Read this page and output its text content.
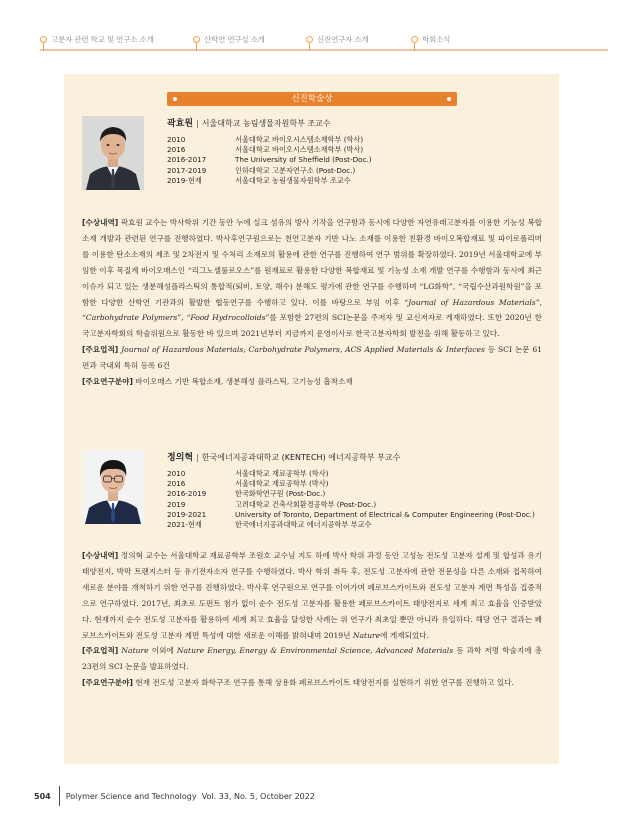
고분자 관련 학교 및 연구소 소개	산학연 연구실 소개	신진연구자 소개	학회소식
신진학술상
곽효원 | 서울대학교 농림생물자원학부 조교수
2010	서울대학교 바이오시스템소재학부 (학사)
2016	서울대학교 바이오시스템소재학부 (박사)
2016-2017	The University of Sheffield (Post-Doc.)
2017-2019	인하대학교 고분자연구소 (Post-Doc.)
2019-현재	서울대학교 농림생물자원학부 조교수

[수상내역] 곽효원 교수는 박사학위 기간 동안 누에 실크 섬유의 방사 기작을 연구함과 동시에 다양한 자연유래고분자를 이용한 기능성 복합소재 개발과 관련된 연구를 진행하였다. 박사후연구원으로는 천연고분자 기반 나노 소재를 이용한 친환경 바이오복합재료 및 파이로폴리머를 이용한 탄소소재의 제조 및 2차전지 및 수처리 소재로의 활용에 관한 연구를 진행하여 연구 범위를 확장하였다. 2019년 서울대학교에 부임한 이후 목질계 바이오매스인 “리그노셀룰로오스”를 원재료로 활용한 다양한 복합재료 및 기능성 소재 개발 연구를 수행함과 동시에 최근 이슈가 되고 있는 생분해성플라스틱의 통합적(퇴비, 토양, 해수) 분해도 평가에 관한 연구를 수행하며 “LG화학”, “국립수산과원학원”을 포함한 다양한 산학연 기관과의 활발한 협동연구를 수행하고 있다. 이를 바탕으로 부임 이후 “Journal of Hazardous Materials”, “Carbohydrate Polymers”, “Food Hydrocolloids”를 포함한 27편의 SCI논문을 주저자 및 교신저자로 게재하였다. 또한 2020년 한국고분자학회의 학술위원으로 활동한 바 있으며 2021년부터 지금까지 운영이사로 한국고분자학회 발전을 위해 활동하고 있다.

[주요업적] Journal of Hazardous Materials, Carbohydrate Polymers, ACS Applied Materials & Interfaces 등 SCI 논문 61편과 국내외 특허 등록 6건

[주요연구분야] 바이오매스 기반 복합소재, 생분해성 플라스틱, 고기능성 흡착소재

정의혁 | 한국에너지공과대학교 (KENTECH) 에너지공학부 부교수
2010	서울대학교 재료공학부 (학사)
2016	서울대학교 재료공학부 (박사)
2016-2019	한국화학연구원 (Post-Doc.)
2019	고려대학교 건축사회환경공학부 (Post-Doc.)
2019-2021	University of Toronto, Department of Electrical & Computer Engineering (Post-Doc.)
2021-현재	한국에너지공과대학교 에너지공학부 부교수

[수상내역] 정의혁 교수는 서울대학교 재료공학부 조원호 교수님 지도 하에 박사 학위 과정 동안 고성능 전도성 고분자 설계 및 합성과 유기태양전지, 박막 트랜지스터 등 유기전자소자 연구를 수행하였다. 박사 학위 취득 후, 전도성 고분자에 관한 전문성을 다른 소재와 접목하여 새로운 분야를 개척하기 위한 연구를 진행하였다. 박사후 연구원으로 연구를 이어가며 페로브스카이트와 전도성 고분자 계면 특성을 집중적으로 연구하였다. 2017년, 최초로 도펀트 첨가 없이 순수 전도성 고분자를 활용한 페로브스카이트 태양전지로 세계 최고 효율을 인증받았다. 현재까지 순수 전도성 고분자를 활용하여 세계 최고 효율을 달성한 사례는 위 연구가 최초일 뿐만 아니라 유일하다. 해당 연구 결과는 페로브스카이트와 전도성 고분자 계면 특성에 대한 새로운 이해를 밝혀내며 2019년 Nature에 게재되었다.

[주요업적] Nature 이외에 Nature Energy, Energy & Environmental Science, Advanced Materials 등 과학 저명 학술지에 총 23편의 SCI 논문을 발표하였다.

[주요연구분야] 현재 전도성 고분자 화학구조 연구를 통해 상용화 페로브스카이트 태양전지를 실현하기 위한 연구를 진행하고 있다.

504 Polymer Science and Technology
Vol. 33, No. 5, October 2022
